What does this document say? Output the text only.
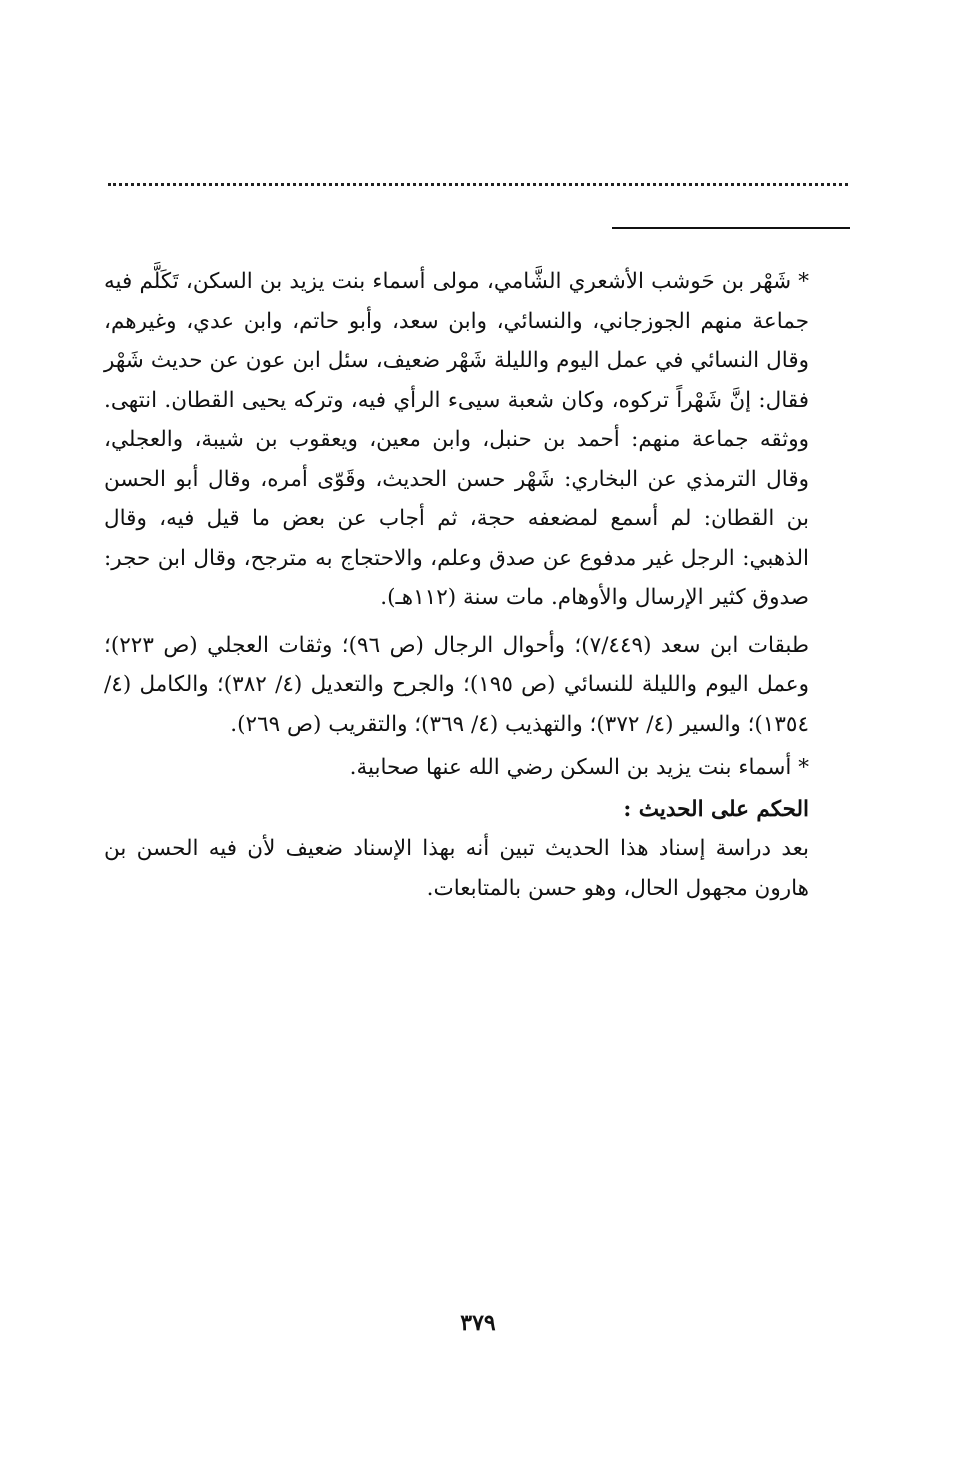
* شَهْر بن حَوشب الأشعري الشَّامي، مولى أسماء بنت يزيد بن السكن، تَكَلَّم فيه جماعة منهم الجوزجاني، والنسائي، وابن سعد، وأبو حاتم، وابن عدي، وغيرهم، وقال النسائي في عمل اليوم والليلة شَهْر ضعيف، سئل ابن عون عن حديث شَهْر فقال: إنَّ شَهْراً تركوه، وكان شعبة سيىء الرأي فيه، وتركه يحيى القطان. انتهى. ووثقه جماعة منهم: أحمد بن حنبل، وابن معين، ويعقوب بن شيبة، والعجلي، وقال الترمذي عن البخاري: شَهْر حسن الحديث، وقَوّى أمره، وقال أبو الحسن بن القطان: لم أسمع لمضعفه حجة، ثم أجاب عن بعض ما قيل فيه، وقال الذهبي: الرجل غير مدفوع عن صدق وعلم، والاحتجاج به مترجح، وقال ابن حجر: صدوق كثير الإرسال والأوهام. مات سنة (١١٢هـ).

طبقات ابن سعد (٧/٤٤٩)؛ وأحوال الرجال (ص ٩٦)؛ وثقات العجلي (ص ٢٢٣)؛ وعمل اليوم والليلة للنسائي (ص ١٩٥)؛ والجرح والتعديل (٤/ ٣٨٢)؛ والكامل (٤/ ١٣٥٤)؛ والسير (٤/ ٣٧٢)؛ والتهذيب (٤/ ٣٦٩)؛ والتقريب (ص ٢٦٩).

* أسماء بنت يزيد بن السكن رضي الله عنها صحابية.

الحكم على الحديث :

بعد دراسة إسناد هذا الحديث تبين أنه بهذا الإسناد ضعيف لأن فيه الحسن بن هارون مجهول الحال، وهو حسن بالمتابعات.

٣٧٩
